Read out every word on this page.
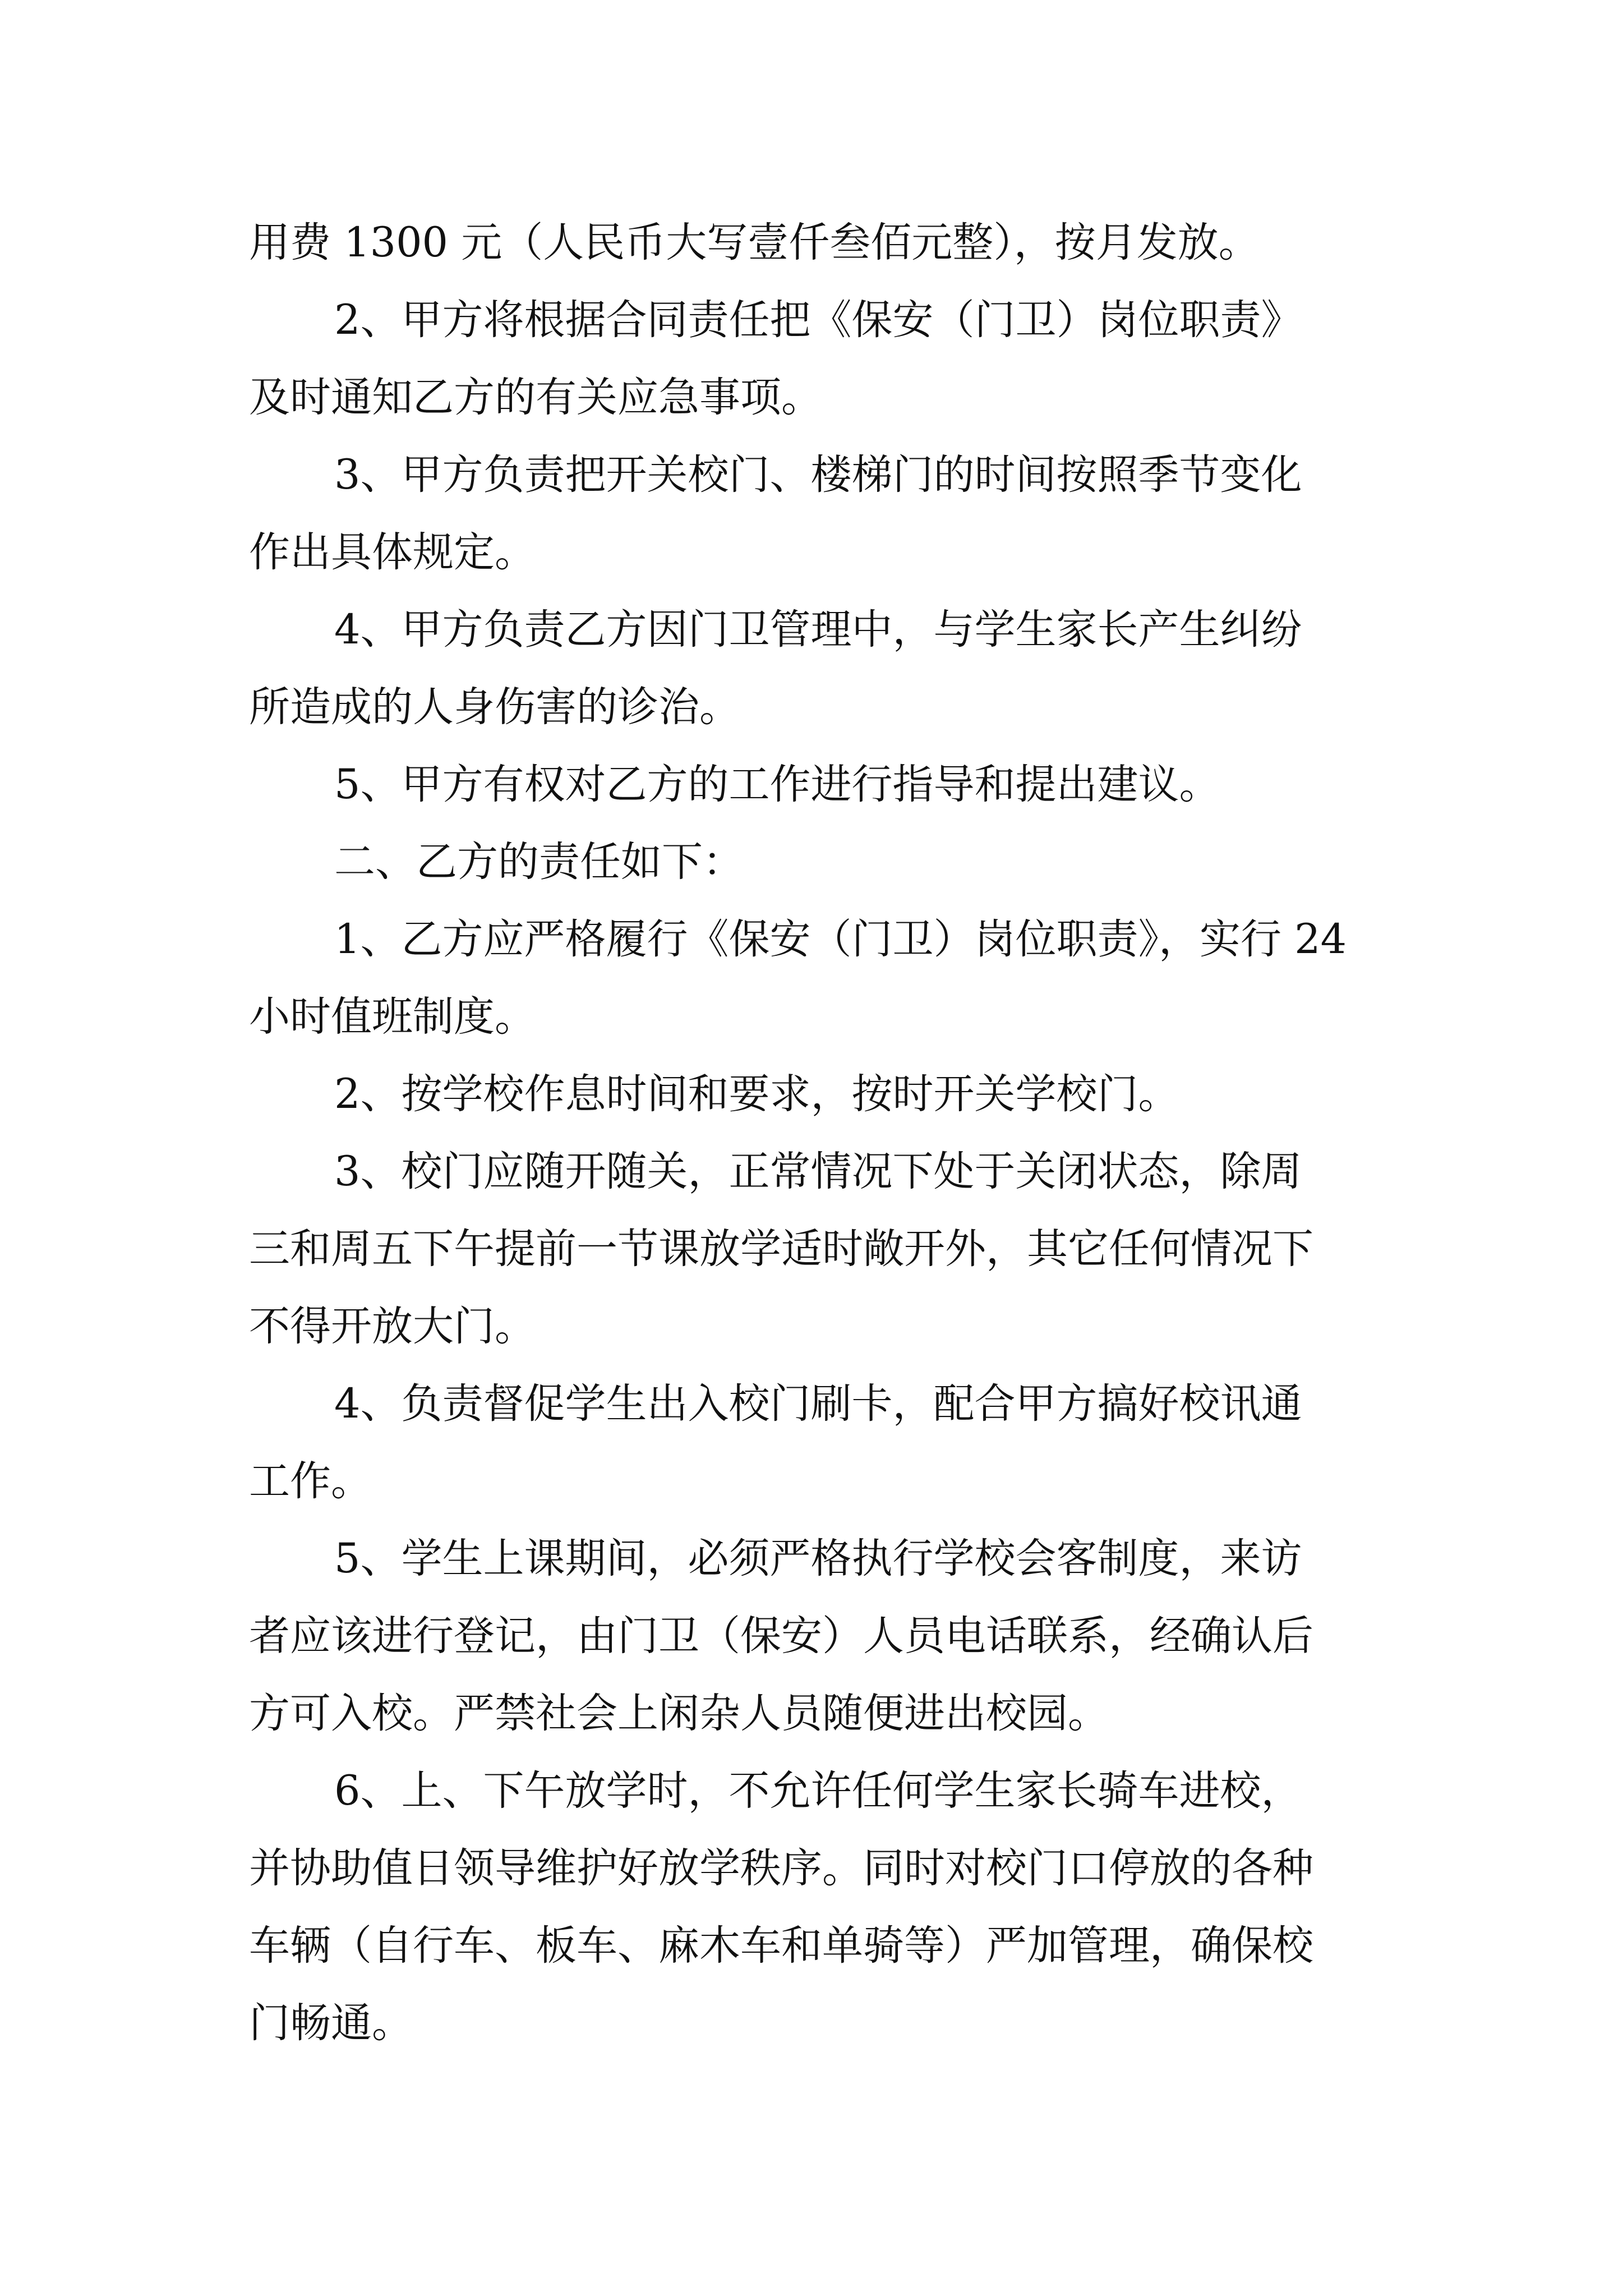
用费 1300 元（人民币大写壹仟叁佰元整），按月发放。
2、甲方将根据合同责任把《保安（门卫）岗位职责》
及时通知乙方的有关应急事项。
3、甲方负责把开关校门、楼梯门的时间按照季节变化
作出具体规定。
4、甲方负责乙方因门卫管理中，与学生家长产生纠纷
所造成的人身伤害的诊治。
5、甲方有权对乙方的工作进行指导和提出建议。
二、乙方的责任如下：
1、乙方应严格履行《保安（门卫）岗位职责》，实行 24
小时值班制度。
2、按学校作息时间和要求，按时开关学校门。
3、校门应随开随关，正常情况下处于关闭状态，除周
三和周五下午提前一节课放学适时敞开外，其它任何情况下
不得开放大门。
4、负责督促学生出入校门刷卡，配合甲方搞好校讯通
工作。
5、学生上课期间，必须严格执行学校会客制度，来访
者应该进行登记，由门卫（保安）人员电话联系，经确认后
方可入校。严禁社会上闲杂人员随便进出校园。
6、上、下午放学时，不允许任何学生家长骑车进校，
并协助值日领导维护好放学秩序。同时对校门口停放的各种
车辆（自行车、板车、麻木车和单骑等）严加管理，确保校
门畅通。
